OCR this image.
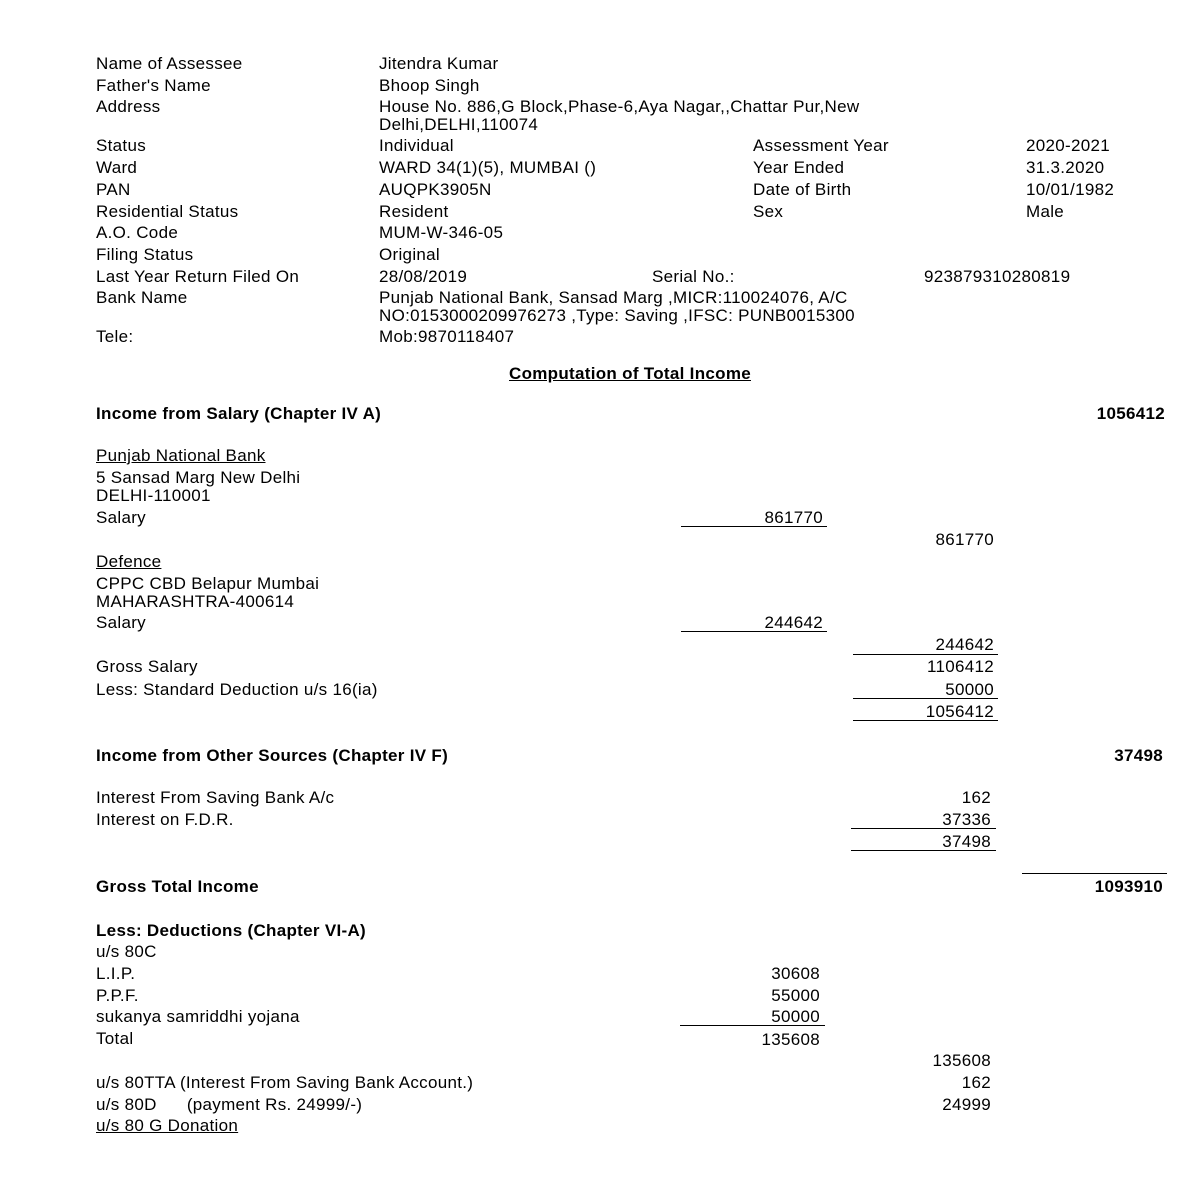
Name of Assessee	Jitendra Kumar
Father's Name	Bhoop Singh
Address	House No. 886,G Block,Phase-6,Aya Nagar,,Chattar Pur,New
Delhi,DELHI,110074
Status	Individual	Assessment Year	2020-2021
Ward	WARD 34(1)(5), MUMBAI ()	Year Ended	31.3.2020
PAN	AUQPK3905N	Date of Birth	10/01/1982
Residential Status	Resident	Sex	Male
A.O. Code	MUM-W-346-05
Filing Status	Original
Last Year Return Filed On	28/08/2019	Serial No.:	923879310280819
Bank Name	Punjab National Bank, Sansad Marg ,MICR:110024076, A/C
NO:0153000209976273 ,Type: Saving ,IFSC: PUNB0015300
Tele:	Mob:9870118407
Computation of Total Income
Income from Salary (Chapter IV A)	1056412
Punjab National Bank
5 Sansad Marg New Delhi
DELHI-110001
Salary	861770
861770
Defence
CPPC CBD Belapur Mumbai
MAHARASHTRA-400614
Salary	244642
244642
Gross Salary	1106412
Less: Standard Deduction u/s 16(ia)	50000
1056412
Income from Other Sources (Chapter IV F)	37498
Interest From Saving Bank A/c	162
Interest on F.D.R.	37336
37498
Gross Total Income	1093910
Less: Deductions (Chapter VI-A)
u/s 80C
L.I.P.	30608
P.P.F.	55000
sukanya samriddhi yojana	50000
Total	135608
135608
u/s 80TTA (Interest From Saving Bank Account.)	162
u/s 80D      (payment Rs. 24999/-)	24999
u/s 80 G Donation
